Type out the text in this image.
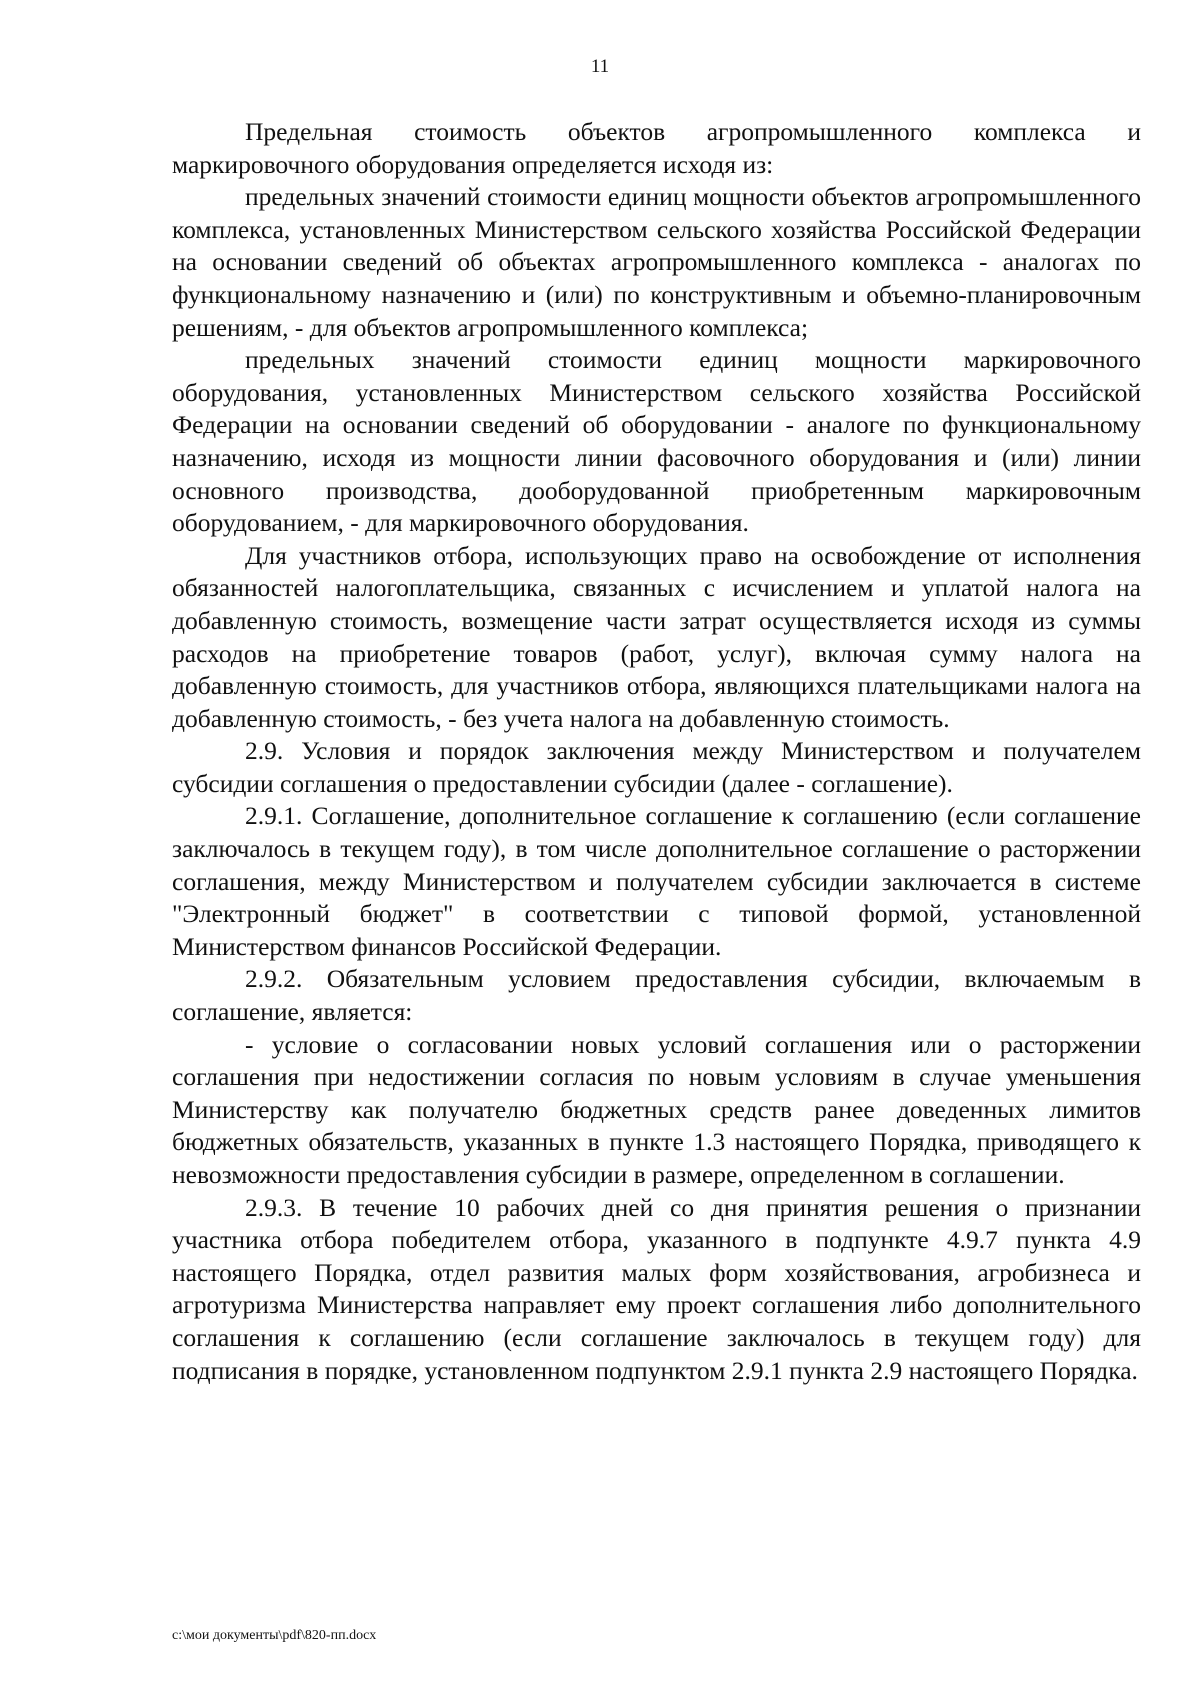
11

Предельная стоимость объектов агропромышленного комплекса и маркировочного оборудования определяется исходя из:

предельных значений стоимости единиц мощности объектов агропромышленного комплекса, установленных Министерством сельского хозяйства Российской Федерации на основании сведений об объектах агропромышленного комплекса - аналогах по функциональному назначению и (или) по конструктивным и объемно-планировочным решениям, - для объектов агропромышленного комплекса;

предельных значений стоимости единиц мощности маркировочного оборудования, установленных Министерством сельского хозяйства Российской Федерации на основании сведений об оборудовании - аналоге по функциональному назначению, исходя из мощности линии фасовочного оборудования и (или) линии основного производства, дооборудованной приобретенным маркировочным оборудованием, - для маркировочного оборудования.

Для участников отбора, использующих право на освобождение от исполнения обязанностей налогоплательщика, связанных с исчислением и уплатой налога на добавленную стоимость, возмещение части затрат осуществляется исходя из суммы расходов на приобретение товаров (работ, услуг), включая сумму налога на добавленную стоимость, для участников отбора, являющихся плательщиками налога на добавленную стоимость, - без учета налога на добавленную стоимость.

2.9. Условия и порядок заключения между Министерством и получателем субсидии соглашения о предоставлении субсидии (далее - соглашение).

2.9.1. Соглашение, дополнительное соглашение к соглашению (если соглашение заключалось в текущем году), в том числе дополнительное соглашение о расторжении соглашения, между Министерством и получателем субсидии заключается в системе "Электронный бюджет" в соответствии с типовой формой, установленной Министерством финансов Российской Федерации.

2.9.2. Обязательным условием предоставления субсидии, включаемым в соглашение, является:

- условие о согласовании новых условий соглашения или о расторжении соглашения при недостижении согласия по новым условиям в случае уменьшения Министерству как получателю бюджетных средств ранее доведенных лимитов бюджетных обязательств, указанных в пункте 1.3 настоящего Порядка, приводящего к невозможности предоставления субсидии в размере, определенном в соглашении.

2.9.3. В течение 10 рабочих дней со дня принятия решения о признании участника отбора победителем отбора, указанного в подпункте 4.9.7 пункта 4.9 настоящего Порядка, отдел развития малых форм хозяйствования, агробизнеса и агротуризма Министерства направляет ему проект соглашения либо дополнительного соглашения к соглашению (если соглашение заключалось в текущем году) для подписания в порядке, установленном подпунктом 2.9.1 пункта 2.9 настоящего Порядка.

c:\мои документы\pdf\820-пп.docx
